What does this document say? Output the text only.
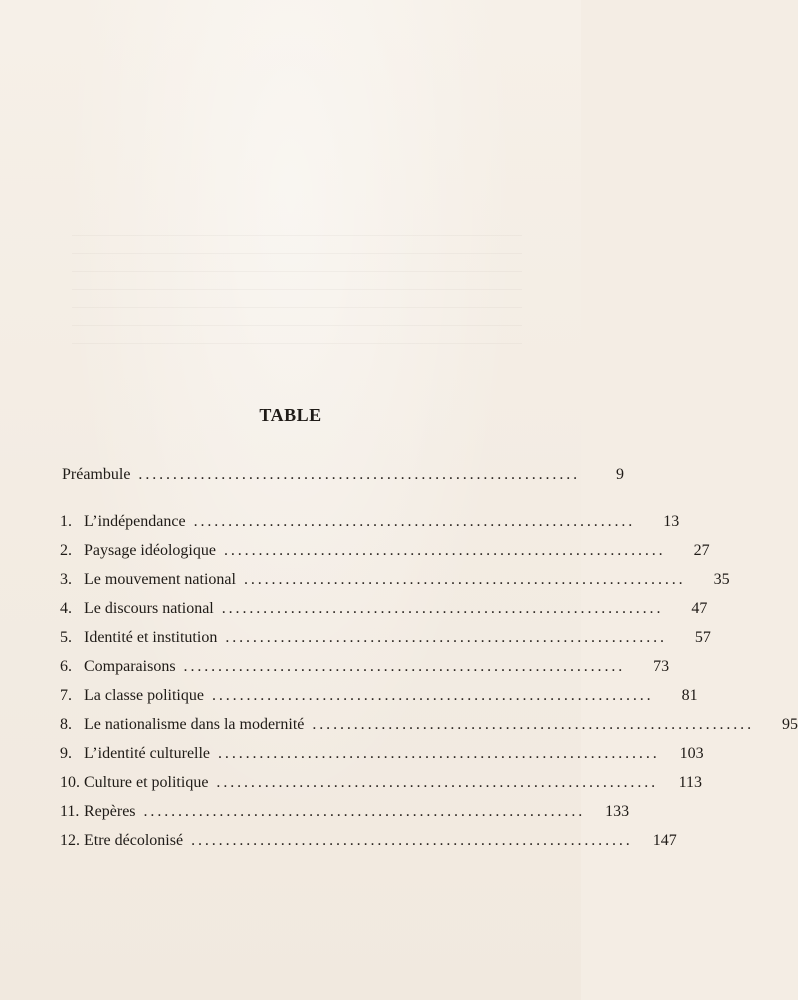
TABLE
Préambule ................................................................	9
1. L’indépendance ................................................................	13
2. Paysage idéologique ................................................................	27
3. Le mouvement national ................................................................	35
4. Le discours national ................................................................	47
5. Identité et institution ................................................................	57
6. Comparaisons ................................................................	73
7. La classe politique ................................................................	81
8. Le nationalisme dans la modernité ................................................................	95
9. L’identité culturelle ................................................................	103
10. Culture et politique ................................................................	113
11. Repères ................................................................	133
12. Etre décolonisé ................................................................	147
